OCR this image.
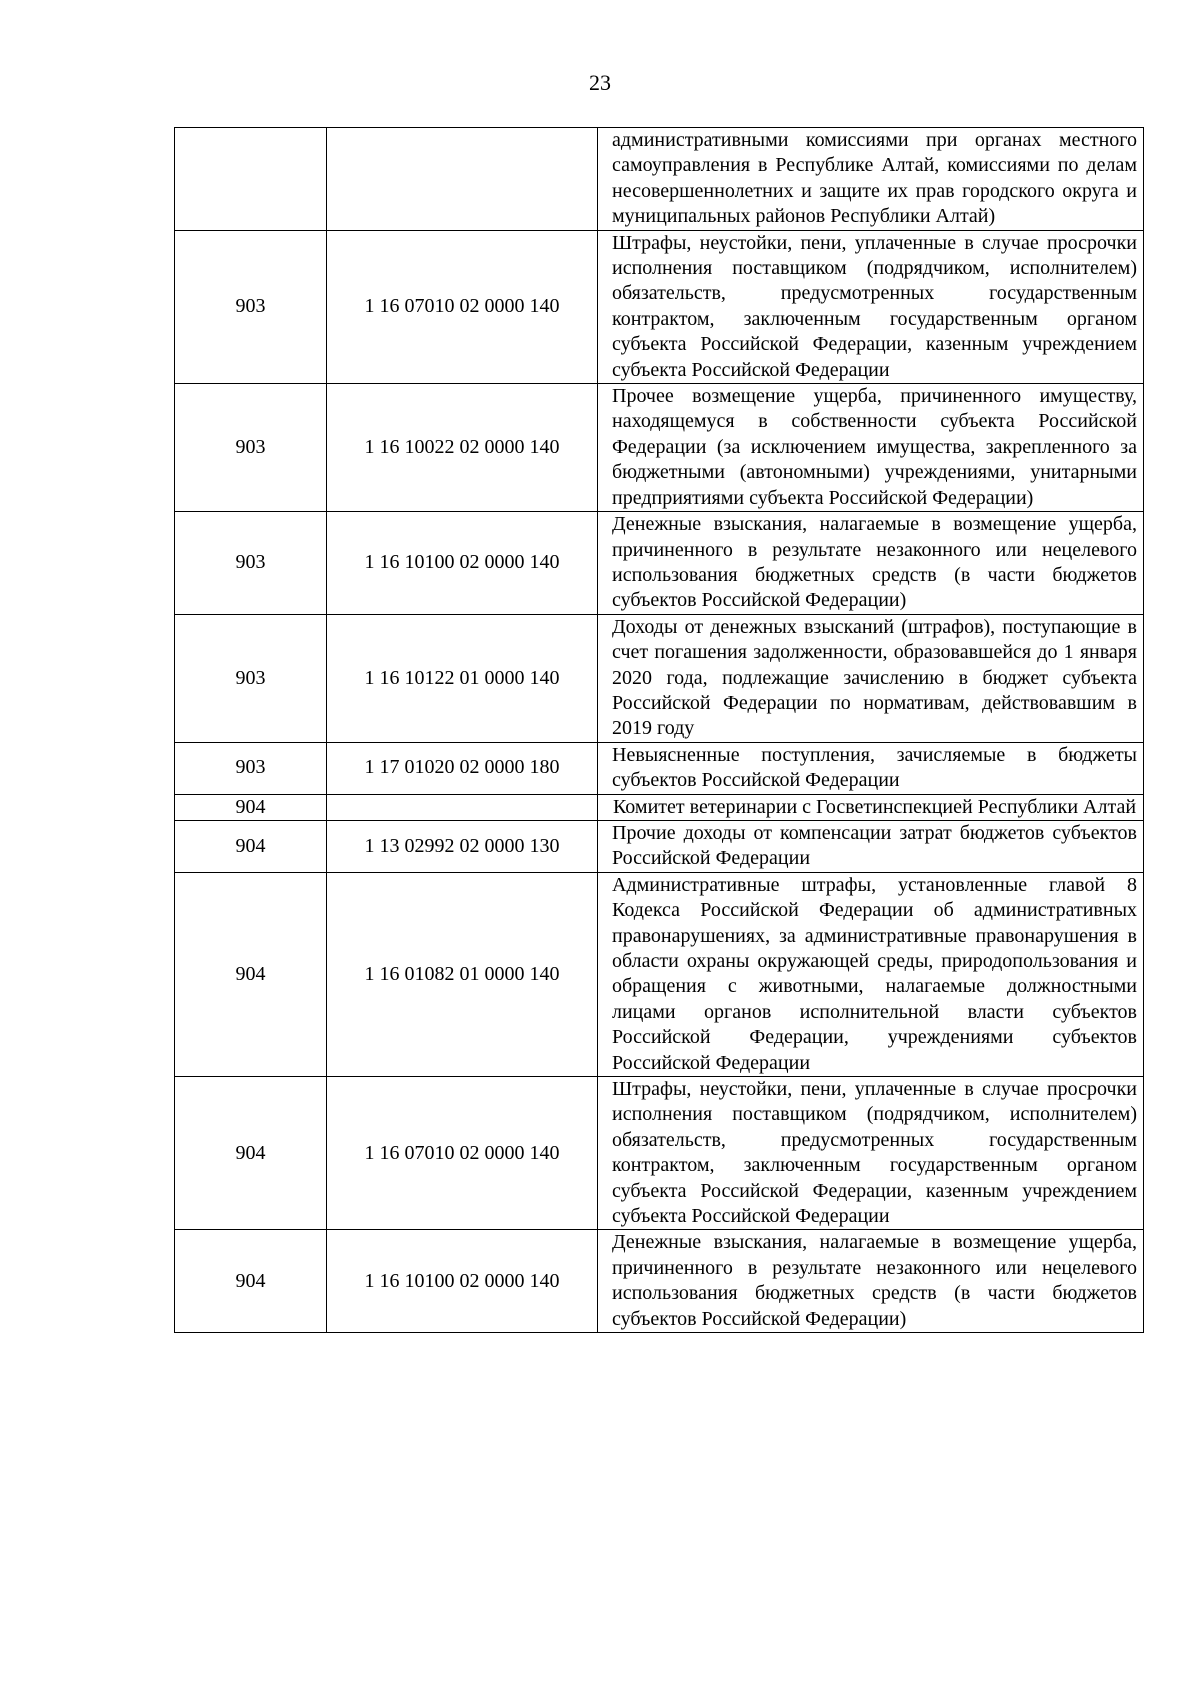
23

		административными комиссиями при органах местного самоуправления в Республике Алтай, комиссиями по делам несовершеннолетних и защите их прав городского округа и муниципальных районов Республики Алтай)

903	1 16 07010 02 0000 140	Штрафы, неустойки, пени, уплаченные в случае просрочки исполнения поставщиком (подрядчиком, исполнителем) обязательств, предусмотренных государственным контрактом, заключенным государственным органом субъекта Российской Федерации, казенным учреждением субъекта Российской Федерации

903	1 16 10022 02 0000 140	Прочее возмещение ущерба, причиненного имуществу, находящемуся в собственности субъекта Российской Федерации (за исключением имущества, закрепленного за бюджетными (автономными) учреждениями, унитарными предприятиями субъекта Российской Федерации)

903	1 16 10100 02 0000 140	Денежные взыскания, налагаемые в возмещение ущерба, причиненного в результате незаконного или нецелевого использования бюджетных средств (в части бюджетов субъектов Российской Федерации)

903	1 16 10122 01 0000 140	Доходы от денежных взысканий (штрафов), поступающие в счет погашения задолженности, образовавшейся до 1 января 2020 года, подлежащие зачислению в бюджет субъекта Российской Федерации по нормативам, действовавшим в 2019 году

903	1 17 01020 02 0000 180	Невыясненные поступления, зачисляемые в бюджеты субъектов Российской Федерации

904		Комитет ветеринарии с Госветинспекцией Республики Алтай

904	1 13 02992 02 0000 130	Прочие доходы от компенсации затрат бюджетов субъектов Российской Федерации

904	1 16 01082 01 0000 140	Административные штрафы, установленные главой 8 Кодекса Российской Федерации об административных правонарушениях, за административные правонарушения в области охраны окружающей среды, природопользования и обращения с животными, налагаемые должностными лицами органов исполнительной власти субъектов Российской Федерации, учреждениями субъектов Российской Федерации

904	1 16 07010 02 0000 140	Штрафы, неустойки, пени, уплаченные в случае просрочки исполнения поставщиком (подрядчиком, исполнителем) обязательств, предусмотренных государственным контрактом, заключенным государственным органом субъекта Российской Федерации, казенным учреждением субъекта Российской Федерации

904	1 16 10100 02 0000 140	Денежные взыскания, налагаемые в возмещение ущерба, причиненного в результате незаконного или нецелевого использования бюджетных средств (в части бюджетов субъектов Российской Федерации)
